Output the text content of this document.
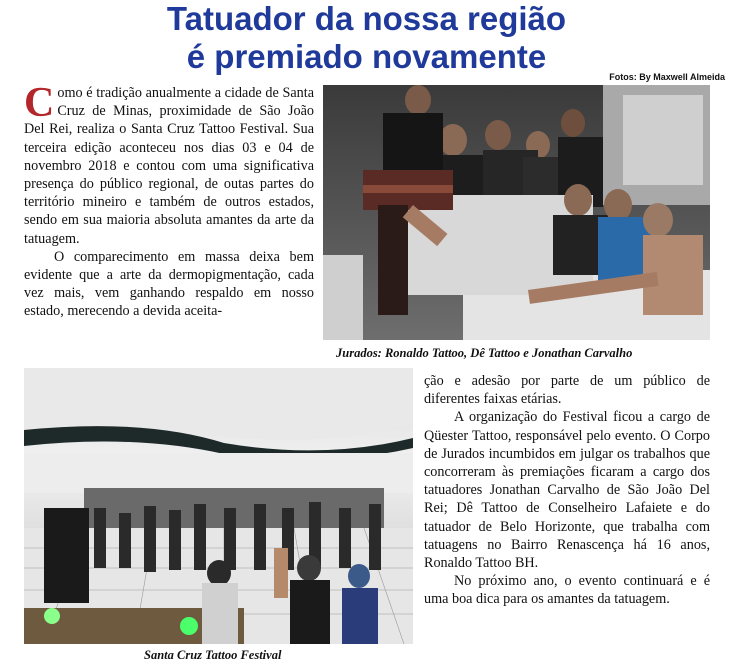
Tatuador da nossa região
é premiado novamente
Fotos: By Maxwell Almeida

Como é tradição anualmente a cidade de Santa Cruz de Minas, proximidade de São João Del Rei, realiza o Santa Cruz Tattoo Festival. Sua terceira edição aconteceu nos dias 03 e 04 de novembro 2018 e contou com uma significativa presença do público regional, de outas partes do território mineiro e também de outros estados, sendo em sua maioria absoluta amantes da arte da tatuagem.

O comparecimento em massa deixa bem evidente que a arte da dermopigmentação, cada vez mais, vem ganhando respaldo em nosso estado, merecendo a devida aceita-

Jurados: Ronaldo Tattoo, Dê Tattoo e Jonathan Carvalho
Santa Cruz Tattoo Festival

ção e adesão por parte de um público de diferentes faixas etárias.

A organização do Festival ficou a cargo de Qüester Tattoo, responsável pelo evento. O Corpo de Jurados incumbidos em julgar os trabalhos que concorreram às premiações ficaram a cargo dos tatuadores Jonathan Carvalho de São João Del Rei; Dê Tattoo de Conselheiro Lafaiete e do tatuador de Belo Horizonte, que trabalha com tatuagens no Bairro Renascença há 16 anos, Ronaldo Tattoo BH.

No próximo ano, o evento continuará e é uma boa dica para os amantes da tatuagem.
